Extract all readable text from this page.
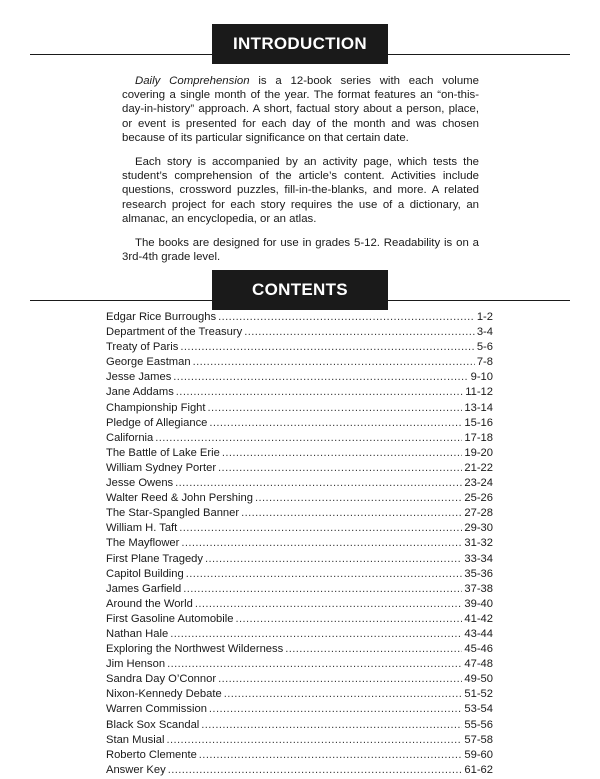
INTRODUCTION

Daily Comprehension is a 12-book series with each volume covering a single month of the year. The format features an “on-this-day-in-history” approach. A short, factual story about a person, place, or event is presented for each day of the month and was chosen because of its particular significance on that certain date.

Each story is accompanied by an activity page, which tests the student’s comprehension of the article’s content. Activities include questions, crossword puzzles, fill-in-the-blanks, and more. A related research project for each story requires the use of a dictionary, an almanac, an encyclopedia, or an atlas.

The books are designed for use in grades 5-12. Readability is on a 3rd-4th grade level.

CONTENTS
Edgar Rice Burroughs .....	1-2
Department of the Treasury .....	3-4
Treaty of Paris .....	5-6
George Eastman .....	7-8
Jesse James .....	9-10
Jane Addams .....	11-12
Championship Fight .....	13-14
Pledge of Allegiance .....	15-16
California .....	17-18
The Battle of Lake Erie .....	19-20
William Sydney Porter .....	21-22
Jesse Owens .....	23-24
Walter Reed & John Pershing .....	25-26
The Star-Spangled Banner .....	27-28
William H. Taft .....	29-30
The Mayflower .....	31-32
First Plane Tragedy .....	33-34
Capitol Building .....	35-36
James Garfield .....	37-38
Around the World .....	39-40
First Gasoline Automobile .....	41-42
Nathan Hale .....	43-44
Exploring the Northwest Wilderness .....	45-46
Jim Henson .....	47-48
Sandra Day O’Connor .....	49-50
Nixon-Kennedy Debate .....	51-52
Warren Commission .....	53-54
Black Sox Scandal .....	55-56
Stan Musial .....	57-58
Roberto Clemente .....	59-60
Answer Key .....	61-62
